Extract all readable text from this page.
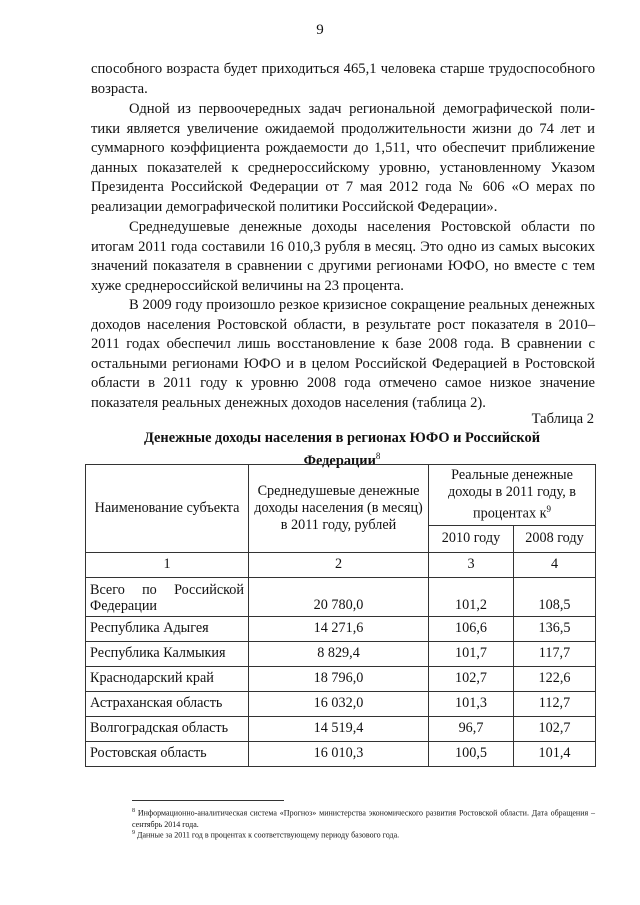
9

способного возраста будет приходиться 465,1 человека старше трудоспособного возраста.

Одной из первоочередных задач региональной демографической политики является увеличение ожидаемой продолжительности жизни до 74 лет и суммарного коэффициента рождаемости до 1,511, что обеспечит приближение данных показателей к среднероссийскому уровню, установленному Указом Президента Российской Федерации от 7 мая 2012 года № 606 «О мерах по реализации демографической политики Российской Федерации».

Среднедушевые денежные доходы населения Ростовской области по итогам 2011 года составили 16 010,3 рубля в месяц. Это одно из самых высоких значений показателя в сравнении с другими регионами ЮФО, но вместе с тем хуже среднероссийской величины на 23 процента.

В 2009 году произошло резкое кризисное сокращение реальных денежных доходов населения Ростовской области, в результате рост показателя в 2010–2011 годах обеспечил лишь восстановление к базе 2008 года. В сравнении с остальными регионами ЮФО и в целом Российской Федерацией в Ростовской области в 2011 году к уровню 2008 года отмечено самое низкое значение показателя реальных денежных доходов населения (таблица 2).

Таблица 2
Денежные доходы населения в регионах ЮФО и Российской Федерации$^8$
Наименование субъекта	Среднедушевые денежные доходы населения (в месяц) в 2011 году, рублей	Реальные денежные доходы в 2011 году, в процентах $к^9$
		2010 году	2008 году
1	2	3	4
Всего по Российской Федерации	20 780,0	101,2	108,5
Республика Адыгея	14 271,6	106,6	136,5
Республика Калмыкия	8 829,4	101,7	117,7
Краснодарский край	18 796,0	102,7	122,6
Астраханская область	16 032,0	101,3	112,7
Волгоградская область	14 519,4	96,7	102,7
Ростовская область	16 010,3	100,5	101,4

$^8$ Информационно-аналитическая система «Прогноз» министерства экономического развития Ростовской области. Дата обращения – сентябрь 2014 года.

$^9$ Данные за 2011 год в процентах к соответствующему периоду базового года.
